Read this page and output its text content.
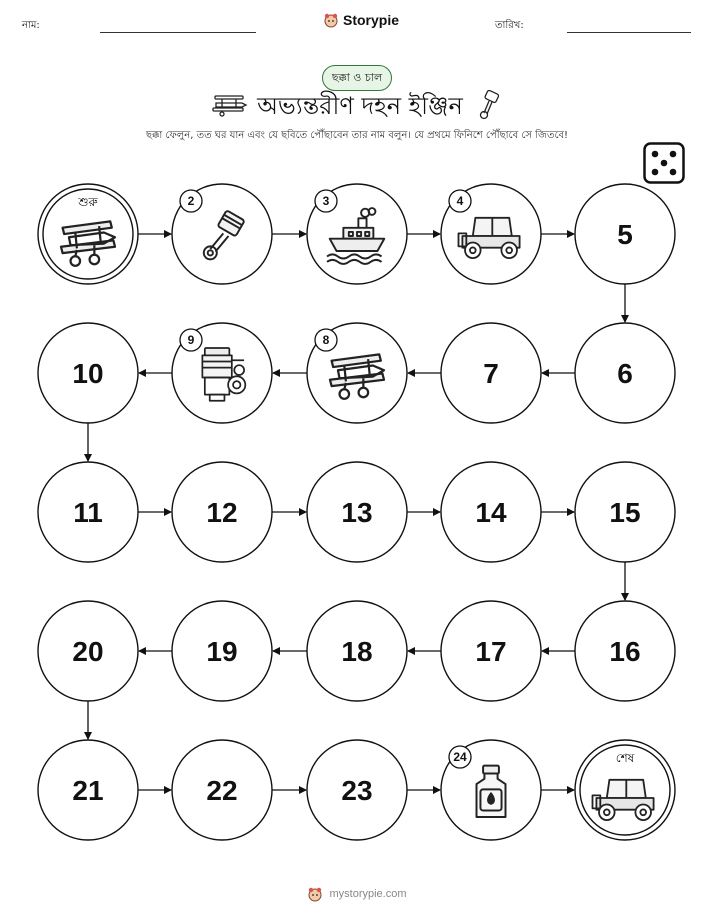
নাম:	Storypie	তারিখ:
ছক্কা ও চাল
অভ্যন্তরীণ দহন ইঞ্জিন
ছক্কা ফেলুন, তত ঘর যান এবং যে ছবিতে পৌঁছাবেন তার নাম বলুন। যে প্রথমে ফিনিশে পৌঁছাবে সে জিতবে!
শুরু	2	3	4
5
6
7
8
9
10
11	12	13	14	15
16
17
18
19
20
21	22	23
24	শেষ
mystorypie.com
